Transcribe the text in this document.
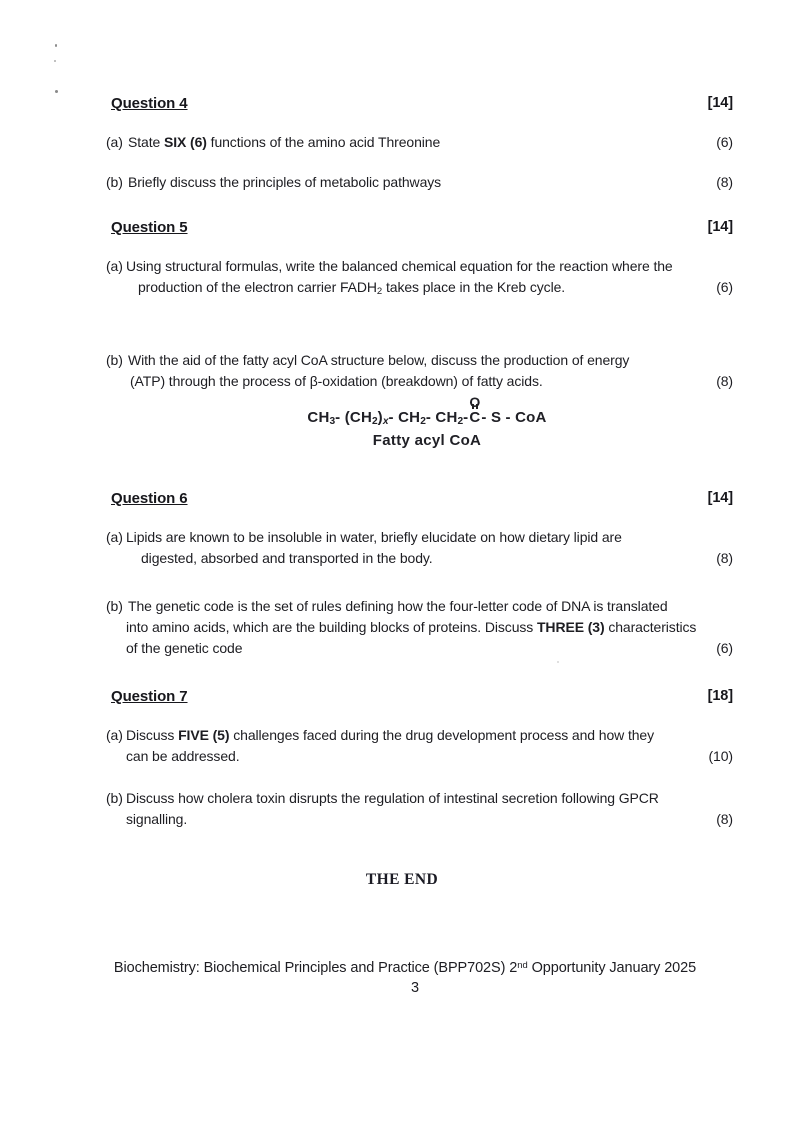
Question 4	[14]
(a) State SIX (6) functions of the amino acid Threonine	(6)
(b) Briefly discuss the principles of metabolic pathways	(8)
Question 5	[14]
(a) Using structural formulas, write the balanced chemical equation for the reaction where the
production of the electron carrier $FADH_2$ takes place in the Kreb cycle.	(6)
(b) With the aid of the fatty acyl CoA structure below, discuss the production of energy
(ATP) through the process of β-oxidation (breakdown) of fatty acids.	(8)
$CH_3-$ $(CH_2)_x-$ $CH_2-$ $CH_2-$
O
C- S - CoA
Fatty acyl CoA
Question 6	[14]
(a) Lipids are known to be insoluble in water, briefly elucidate on how dietary lipid are
digested, absorbed and transported in the body.	(8)
(b) The genetic code is the set of rules defining how the four-letter code of DNA is translated
into amino acids, which are the building blocks of proteins. Discuss THREE (3) characteristics
of the genetic code	(6)
Question 7	[18]
(a) Discuss FIVE (5) challenges faced during the drug development process and how they
can be addressed.	(10)
(b) Discuss how cholera toxin disrupts the regulation of intestinal secretion following GPCR
signalling.	(8)
THE END
Biochemistry: Biochemical Principles and Practice (BPP702S) 2nd Opportunity January 2025
3
